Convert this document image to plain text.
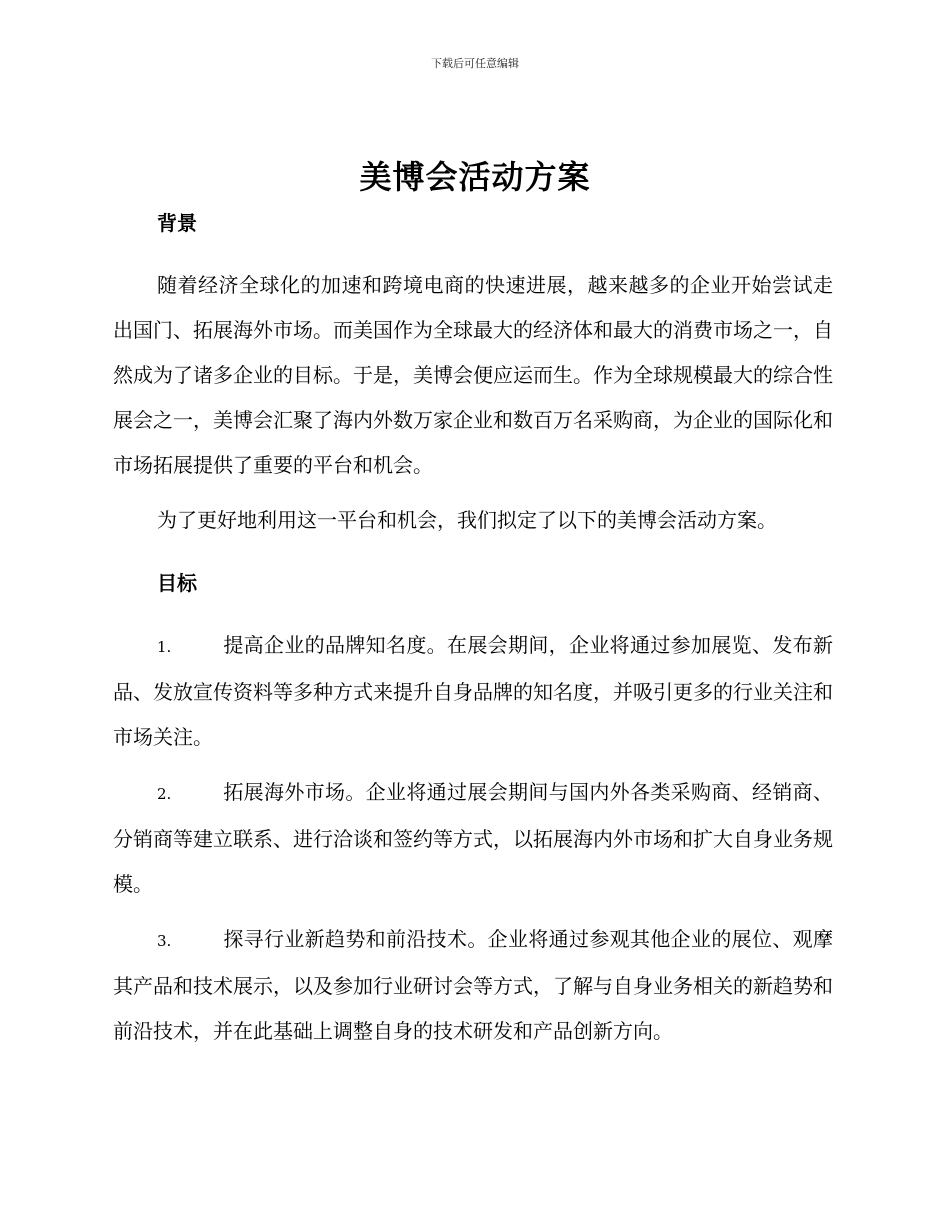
下载后可任意编辑
美博会活动方案
背景

随着经济全球化的加速和跨境电商的快速进展，越来越多的企业开始尝试走出国门、拓展海外市场。而美国作为全球最大的经济体和最大的消费市场之一，自然成为了诸多企业的目标。于是，美博会便应运而生。作为全球规模最大的综合性展会之一，美博会汇聚了海内外数万家企业和数百万名采购商，为企业的国际化和市场拓展提供了重要的平台和机会。

为了更好地利用这一平台和机会，我们拟定了以下的美博会活动方案。

目标

1.	提高企业的品牌知名度。在展会期间，企业将通过参加展览、发布新品、发放宣传资料等多种方式来提升自身品牌的知名度，并吸引更多的行业关注和市场关注。

2.	拓展海外市场。企业将通过展会期间与国内外各类采购商、经销商、分销商等建立联系、进行洽谈和签约等方式，以拓展海内外市场和扩大自身业务规模。

3.	探寻行业新趋势和前沿技术。企业将通过参观其他企业的展位、观摩其产品和技术展示，以及参加行业研讨会等方式，了解与自身业务相关的新趋势和前沿技术，并在此基础上调整自身的技术研发和产品创新方向。
